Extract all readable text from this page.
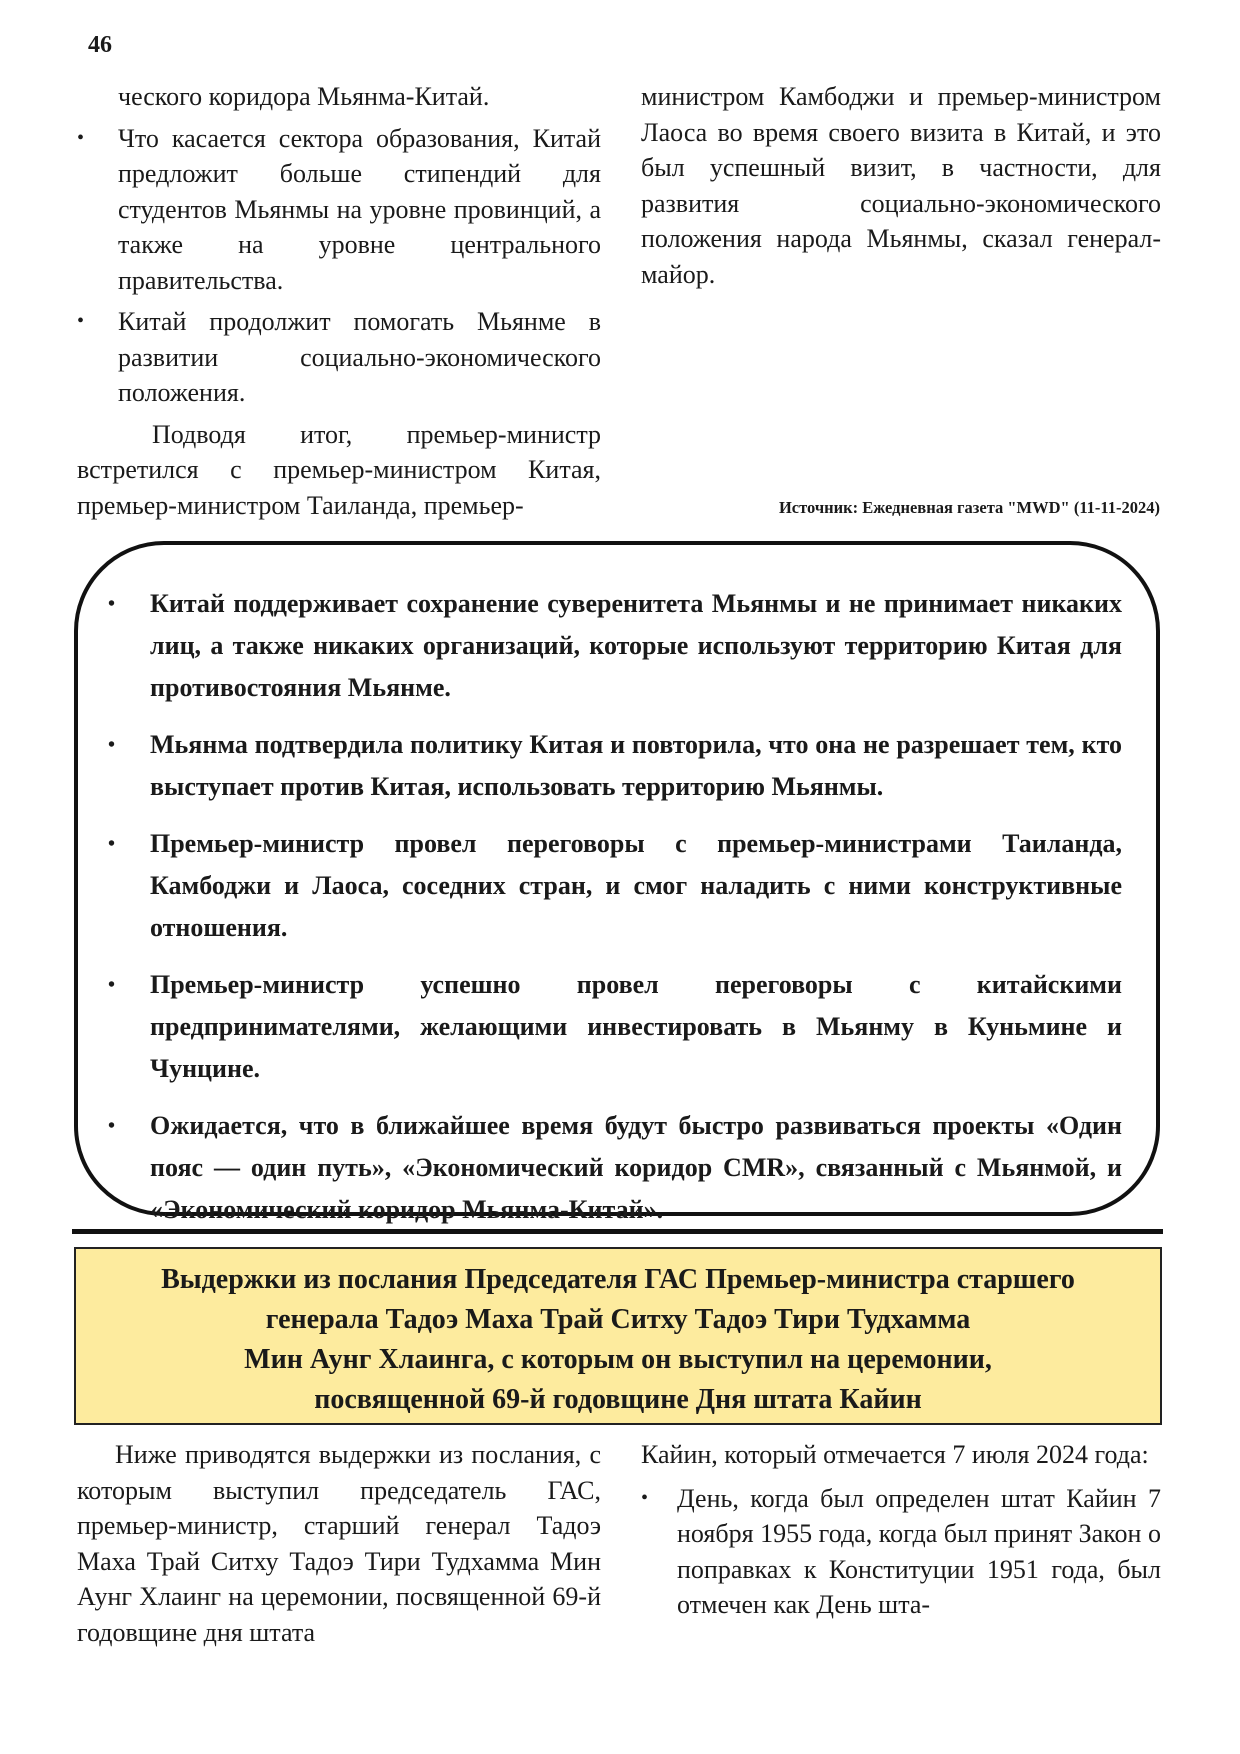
46

ческого коридора Мьянма-Китай.

• Что касается сектора образования, Китай предложит больше стипендий для студентов Мьянмы на уровне провинций, а также на уровне центрального правительства.
• Китай продолжит помогать Мьянме в развитии социально-экономического положения.

Подводя итог, премьер-министр встретился с премьер-министром Китая, премьер-министром Таиланда, премьер-

министром Камбоджи и премьер-министром Лаоса во время своего визита в Китай, и это был успешный визит, в частности, для развития социально-экономического положения народа Мьянмы, сказал генерал-майор.

Источник: Ежедневная газета "MWD" (11-11-2024)
• Китай поддерживает сохранение суверенитета Мьянмы и не принимает никаких лиц, а также никаких организаций, которые используют территорию Китая для противостояния Мьянме.
• Мьянма подтвердила политику Китая и повторила, что она не разрешает тем, кто выступает против Китая, использовать территорию Мьянмы.
• Премьер-министр провел переговоры с премьер-министрами Таиланда, Камбоджи и Лаоса, соседних стран, и смог наладить с ними конструктивные отношения.
• Премьер-министр успешно провел переговоры с китайскими предпринимателями, желающими инвестировать в Мьянму в Куньмине и Чунцине.
• Ожидается, что в ближайшее время будут быстро развиваться проекты «Один пояс — один путь», «Экономический коридор CMR», связанный с Мьянмой, и «Экономический коридор Мьянма-Китай».
Выдержки из послания Председателя ГАС Премьер-министра старшего
генерала Тадоэ Маха Трай Ситху Тадоэ Тири Тудхамма
Мин Аунг Хлаинга, с которым он выступил на церемонии,
посвященной 69-й годовщине Дня штата Кайин

Ниже приводятся выдержки из послания, с которым выступил председатель ГАС, премьер-министр, старший генерал Тадоэ Маха Трай Ситху Тадоэ Тири Тудхамма Мин Аунг Хлаинг на церемонии, посвященной 69-й годовщине дня штата

Кайин, который отмечается 7 июля 2024 года:

• День, когда был определен штат Кайин 7 ноября 1955 года, когда был принят Закон о поправках к Конституции 1951 года, был отмечен как День шта-
